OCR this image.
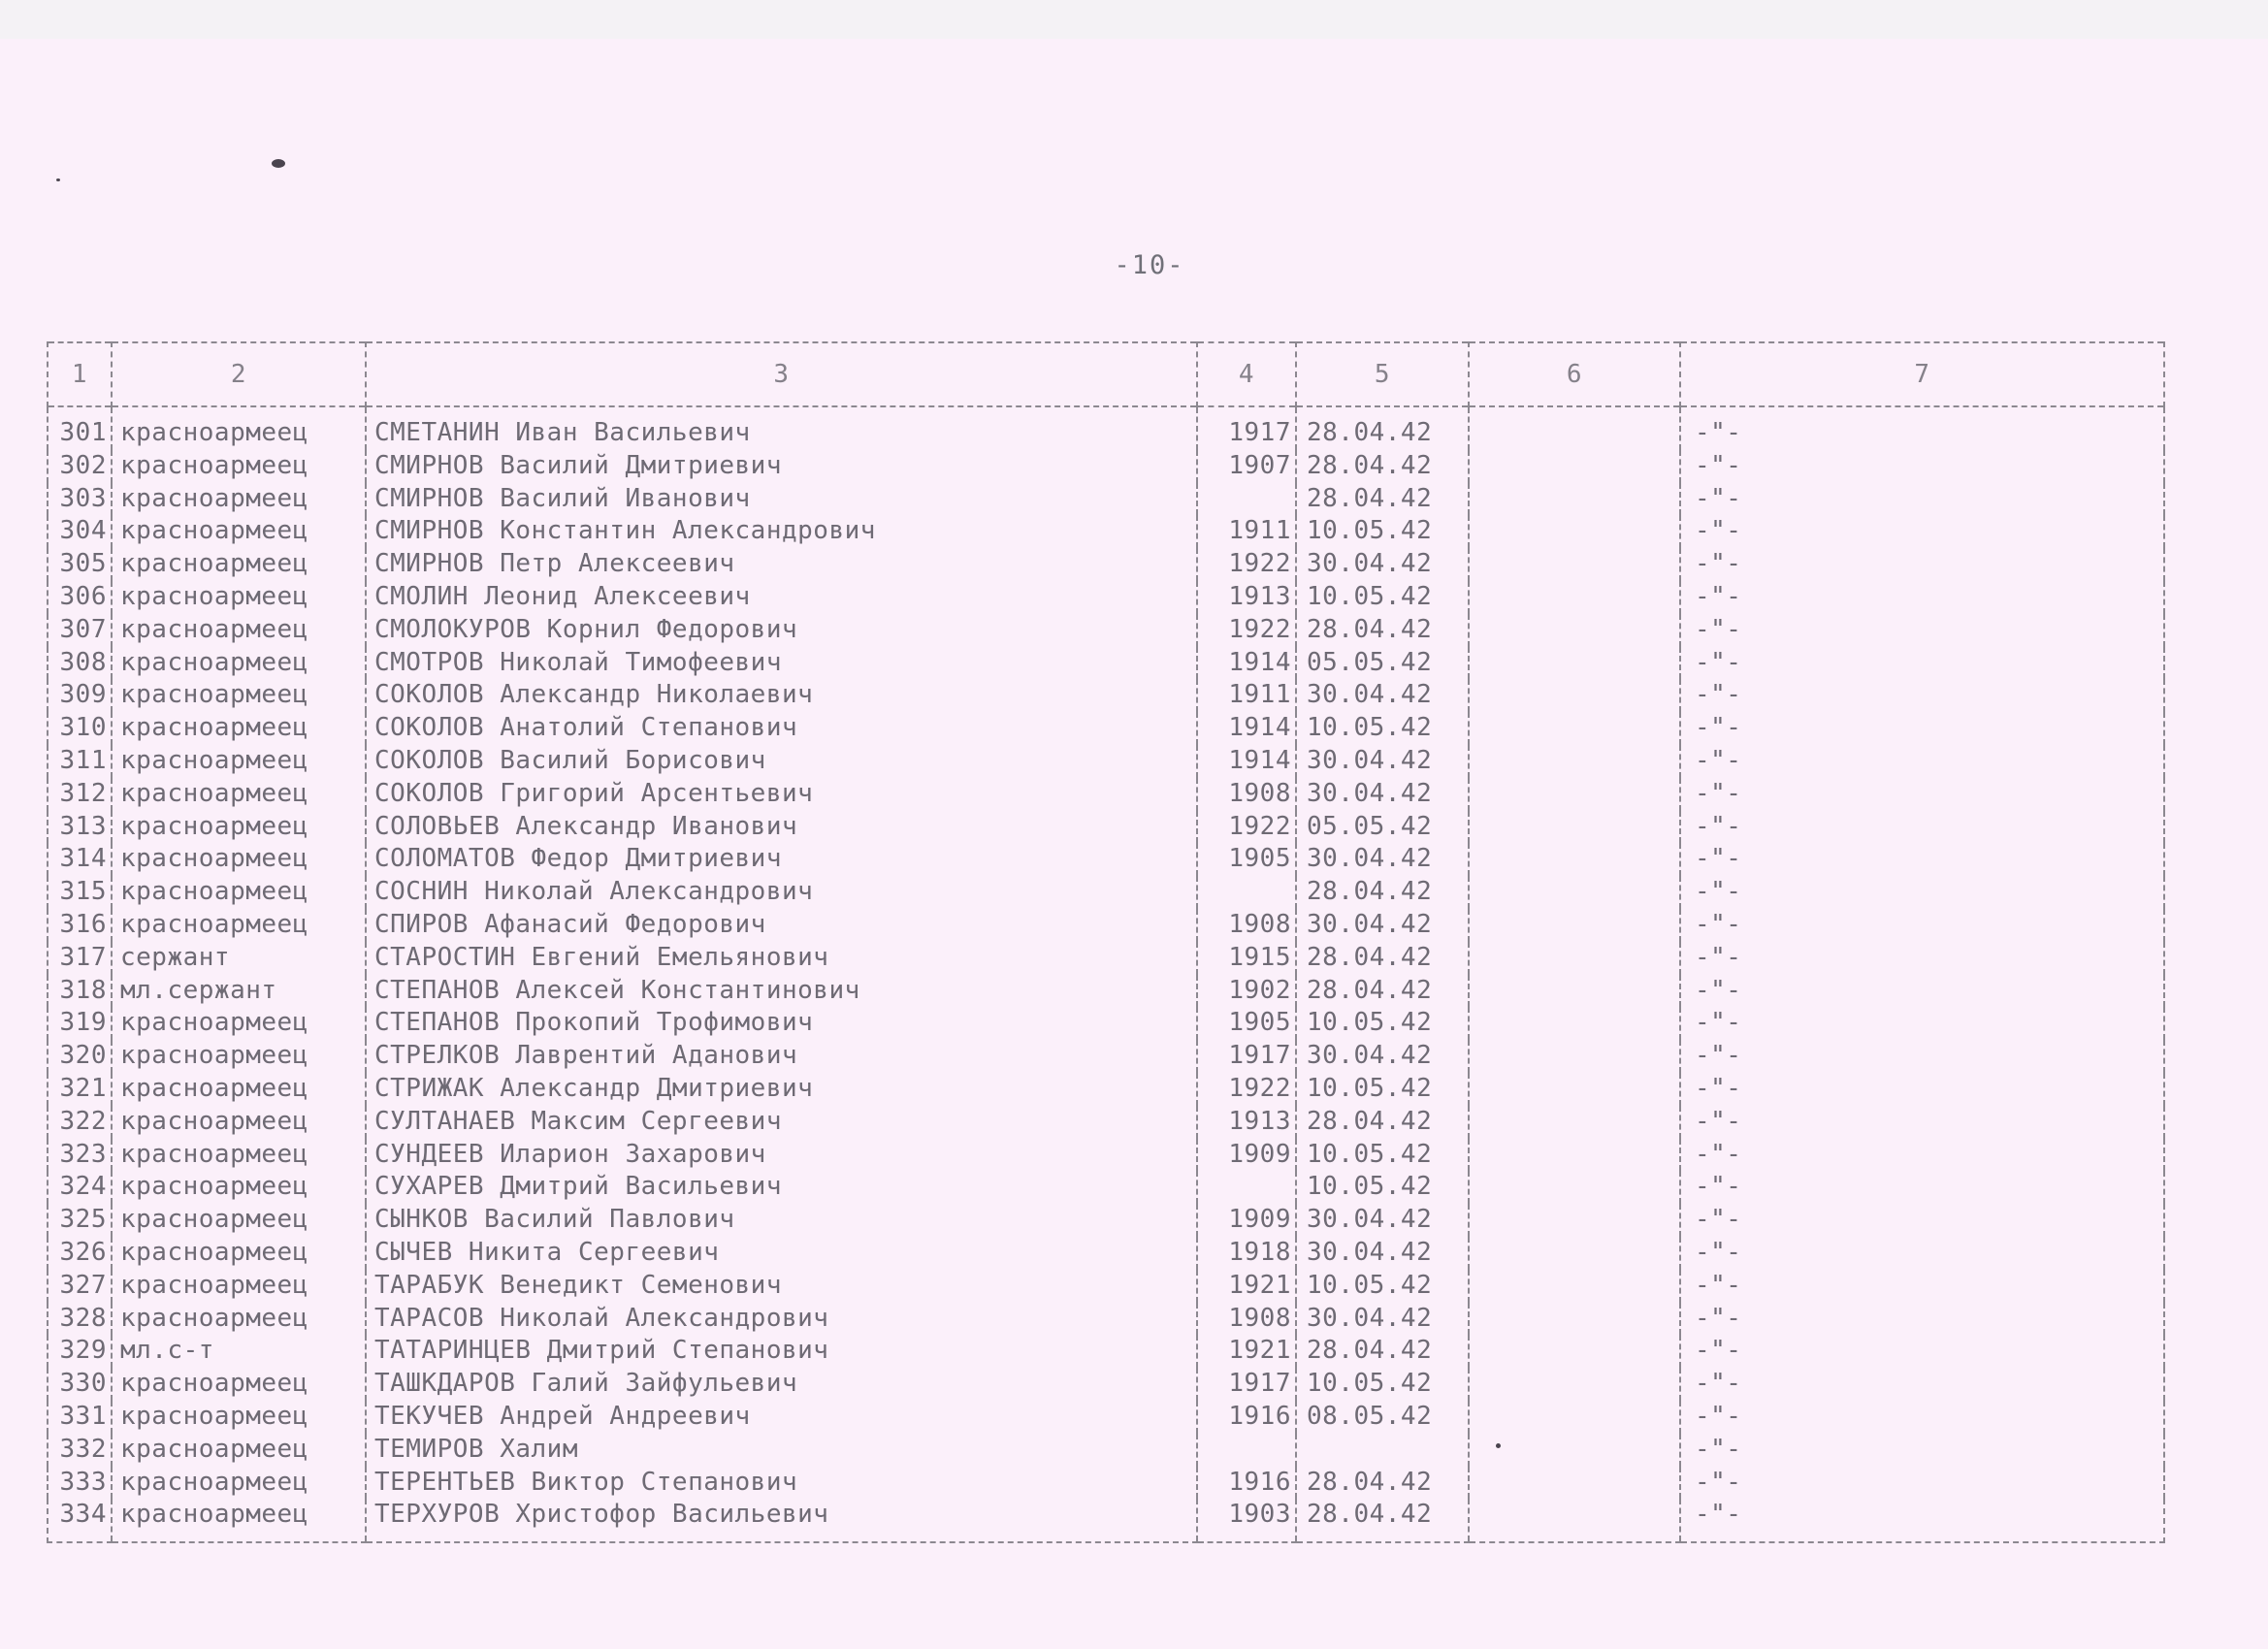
-10-
1	2	3	4	5	6	7
301	красноармеец	СМЕТАНИН Иван Васильевич	1917	28.04.42		-"-
302	красноармеец	СМИРНОВ Василий Дмитриевич	1907	28.04.42		-"-
303	красноармеец	СМИРНОВ Василий Иванович		28.04.42		-"-
304	красноармеец	СМИРНОВ Константин Александрович	1911	10.05.42		-"-
305	красноармеец	СМИРНОВ Петр Алексеевич	1922	30.04.42		-"-
306	красноармеец	СМОЛИН Леонид Алексеевич	1913	10.05.42		-"-
307	красноармеец	СМОЛОКУРОВ Корнил Федорович	1922	28.04.42		-"-
308	красноармеец	СМОТРОВ Николай Тимофеевич	1914	05.05.42		-"-
309	красноармеец	СОКОЛОВ Александр Николаевич	1911	30.04.42		-"-
310	красноармеец	СОКОЛОВ Анатолий Степанович	1914	10.05.42		-"-
311	красноармеец	СОКОЛОВ Василий Борисович	1914	30.04.42		-"-
312	красноармеец	СОКОЛОВ Григорий Арсентьевич	1908	30.04.42		-"-
313	красноармеец	СОЛОВЬЕВ Александр Иванович	1922	05.05.42		-"-
314	красноармеец	СОЛОМАТОВ Федор Дмитриевич	1905	30.04.42		-"-
315	красноармеец	СОСНИН Николай Александрович		28.04.42		-"-
316	красноармеец	СПИРОВ Афанасий Федорович	1908	30.04.42		-"-
317	сержант	СТАРОСТИН Евгений Емельянович	1915	28.04.42		-"-
318	мл.сержант	СТЕПАНОВ Алексей Константинович	1902	28.04.42		-"-
319	красноармеец	СТЕПАНОВ Прокопий Трофимович	1905	10.05.42		-"-
320	красноармеец	СТРЕЛКОВ Лаврентий Аданович	1917	30.04.42		-"-
321	красноармеец	СТРИЖАК Александр Дмитриевич	1922	10.05.42		-"-
322	красноармеец	СУЛТАНАЕВ Максим Сергеевич	1913	28.04.42		-"-
323	красноармеец	СУНДЕЕВ Иларион Захарович	1909	10.05.42		-"-
324	красноармеец	СУХАРЕВ Дмитрий Васильевич		10.05.42		-"-
325	красноармеец	СЫНКОВ Василий Павлович	1909	30.04.42		-"-
326	красноармеец	СЫЧЕВ Никита Сергеевич	1918	30.04.42		-"-
327	красноармеец	ТАРАБУК Венедикт Семенович	1921	10.05.42		-"-
328	красноармеец	ТАРАСОВ Николай Александрович	1908	30.04.42		-"-
329	мл.с-т	ТАТАРИНЦЕВ Дмитрий Степанович	1921	28.04.42		-"-
330	красноармеец	ТАШКДАРОВ Галий Зайфульевич	1917	10.05.42		-"-
331	красноармеец	ТЕКУЧЕВ Андрей Андреевич	1916	08.05.42		-"-
332	красноармеец	ТЕМИРОВ Халим				-"-
333	красноармеец	ТЕРЕНТЬЕВ Виктор Степанович	1916	28.04.42		-"-
334	красноармеец	ТЕРХУРОВ Христофор Васильевич	1903	28.04.42		-"-
